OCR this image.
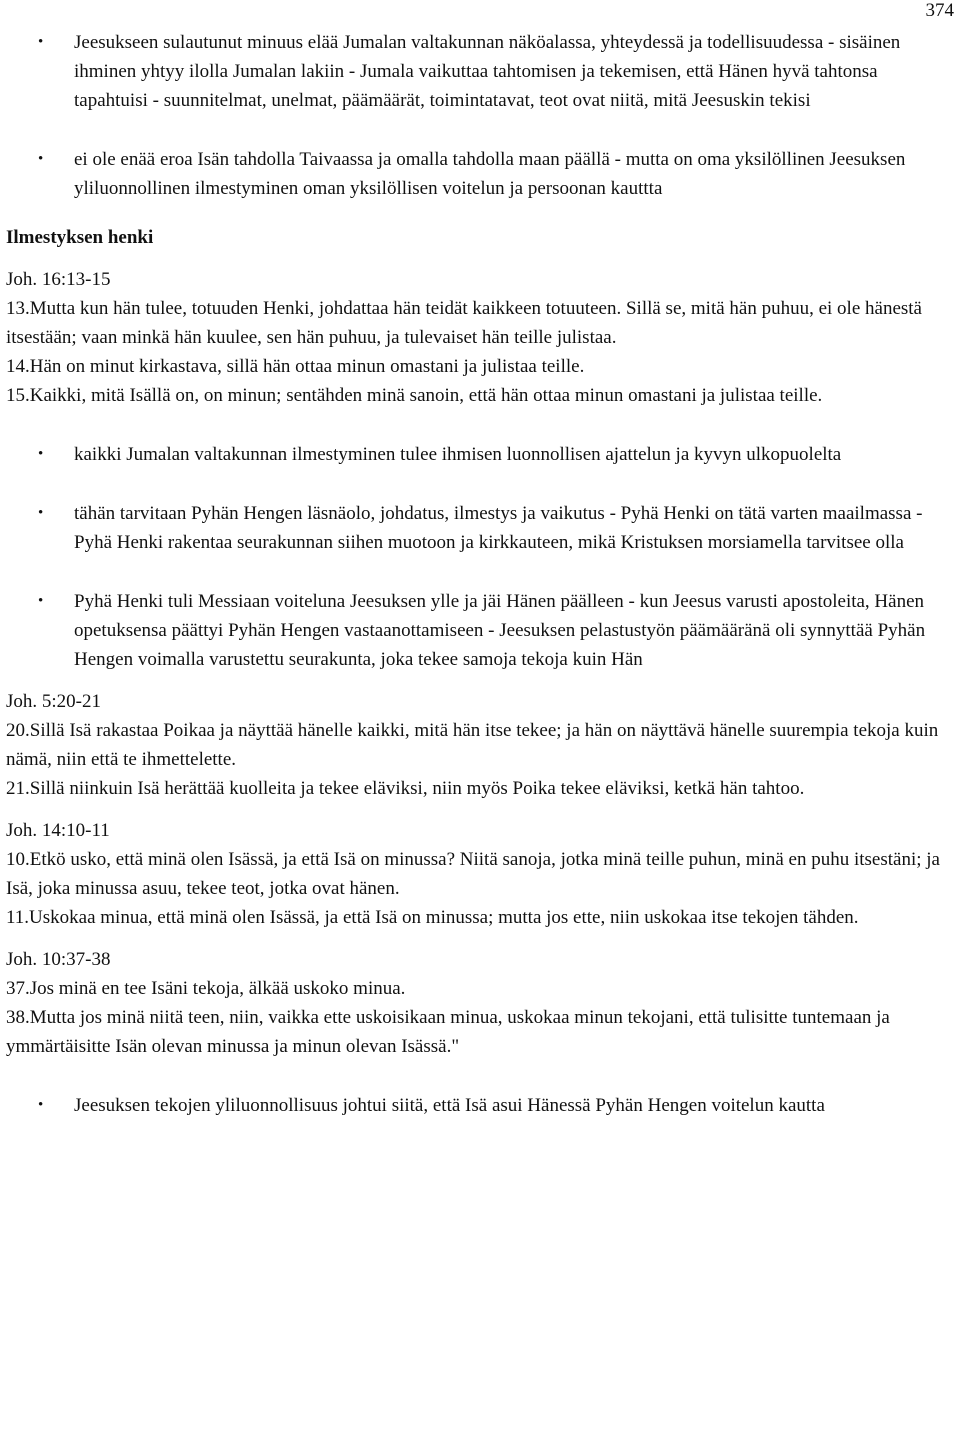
374
• Jeesukseen sulautunut minuus elää Jumalan valtakunnan näköalassa, yhteydessä ja todellisuudessa - sisäinen ihminen yhtyy ilolla Jumalan lakiin - Jumala vaikuttaa tahtomisen ja tekemisen, että Hänen hyvä tahtonsa tapahtuisi - suunnitelmat, unelmat, päämäärät, toimintatavat, teot ovat niitä, mitä Jeesuskin tekisi
• ei ole enää eroa Isän tahdolla Taivaassa ja omalla tahdolla maan päällä - mutta on oma yksilöllinen Jeesuksen yliluonnollinen ilmestyminen oman yksilöllisen voitelun ja persoonan kauttta

Ilmestyksen henki

Joh. 16:13-15

13.Mutta kun hän tulee, totuuden Henki, johdattaa hän teidät kaikkeen totuuteen. Sillä se, mitä hän puhuu, ei ole hänestä itsestään; vaan minkä hän kuulee, sen hän puhuu, ja tulevaiset hän teille julistaa.

14.Hän on minut kirkastava, sillä hän ottaa minun omastani ja julistaa teille.

15.Kaikki, mitä Isällä on, on minun; sentähden minä sanoin, että hän ottaa minun omastani ja julistaa teille.

• kaikki Jumalan valtakunnan ilmestyminen tulee ihmisen luonnollisen ajattelun ja kyvyn ulkopuolelta
• tähän tarvitaan Pyhän Hengen läsnäolo, johdatus, ilmestys ja vaikutus - Pyhä Henki on tätä varten maailmassa - Pyhä Henki rakentaa seurakunnan siihen muotoon ja kirkkauteen, mikä Kristuksen morsiamella tarvitsee olla
• Pyhä Henki tuli Messiaan voiteluna Jeesuksen ylle ja jäi Hänen päälleen - kun Jeesus varusti apostoleita, Hänen opetuksensa päättyi Pyhän Hengen vastaanottamiseen - Jeesuksen pelastustyön päämääränä oli synnyttää Pyhän Hengen voimalla varustettu seurakunta, joka tekee samoja tekoja kuin Hän

Joh. 5:20-21

20.Sillä Isä rakastaa Poikaa ja näyttää hänelle kaikki, mitä hän itse tekee; ja hän on näyttävä hänelle suurempia tekoja kuin nämä, niin että te ihmettelette.

21.Sillä niinkuin Isä herättää kuolleita ja tekee eläviksi, niin myös Poika tekee eläviksi, ketkä hän tahtoo.

Joh. 14:10-11

10.Etkö usko, että minä olen Isässä, ja että Isä on minussa? Niitä sanoja, jotka minä teille puhun, minä en puhu itsestäni; ja Isä, joka minussa asuu, tekee teot, jotka ovat hänen.

11.Uskokaa minua, että minä olen Isässä, ja että Isä on minussa; mutta jos ette, niin uskokaa itse tekojen tähden.

Joh. 10:37-38

37.Jos minä en tee Isäni tekoja, älkää uskoko minua.

38.Mutta jos minä niitä teen, niin, vaikka ette uskoisikaan minua, uskokaa minun tekojani, että tulisitte tuntemaan ja ymmärtäisitte Isän olevan minussa ja minun olevan Isässä."

• Jeesuksen tekojen yliluonnollisuus johtui siitä, että Isä asui Hänessä Pyhän Hengen voitelun kautta
